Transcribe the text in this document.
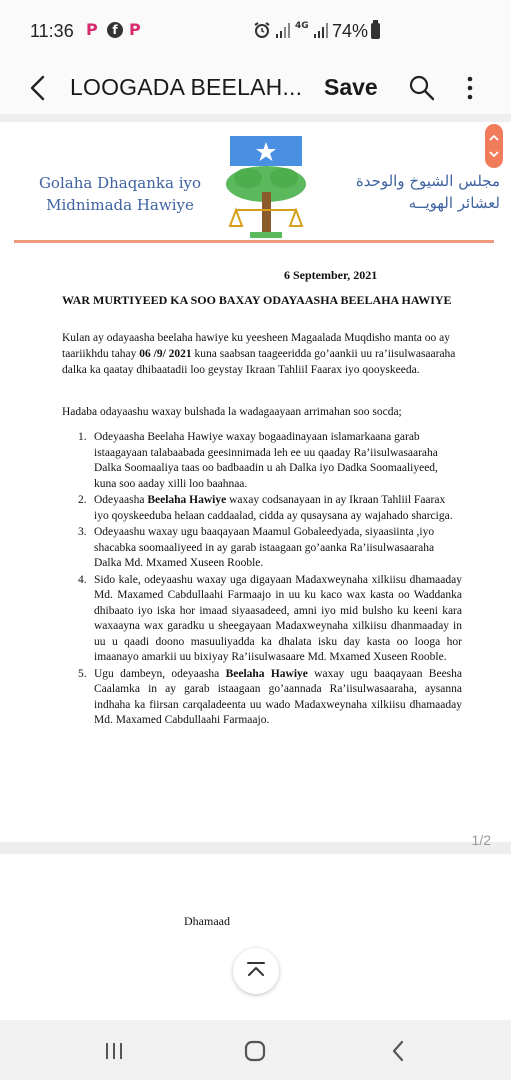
11:36 P	f P	4G 74%
LOOGADA BEELAH... Save
Golaha Dhaqanka iyo
Midnimada Hawiye
مجلس الشيوخ والوحدة
لعشائر الهويــه
6 September, 2021
WAR MURTIYEED KA SOO BAXAY ODAYAASHA BEELAHA HAWIYE
Kulan ay odayaasha beelaha hawiye ku yeesheen Magaalada Muqdisho manta oo ay taariikhdu tahay 06 /9/ 2021 kuna saabsan taageeridda go’aankii uu ra’iisulwasaaraha dalka ka qaatay dhibaatadii loo geystay Ikraan Tahliil Faarax iyo qooyskeeda.
Hadaba odayaashu waxay bulshada la wadagaayaan arrimahan soo socda;
1. Odeyaasha Beelaha Hawiye waxay bogaadinayaan islamarkaana garab istaagayaan talabaabada geesinnimada leh ee uu qaaday Ra’iisulwasaaraha Dalka Soomaaliya taas oo badbaadin u ah Dalka iyo Dadka Soomaaliyeed, kuna soo aaday xilli loo baahnaa.
2. Odeyaasha Beelaha Hawiye waxay codsanayaan in ay Ikraan Tahliil Faarax iyo qoyskeeduba helaan caddaalad, cidda ay qusaysana ay wajahado sharciga.
3. Odeyaashu waxay ugu baaqayaan Maamul Gobaleedyada, siyaasiinta ,iyo shacabka soomaaliyeed in ay garab istaagaan go’aanka Ra’iisulwasaaraha Dalka Md. Mxamed Xuseen Rooble.
4. Sido kale, odeyaashu waxay uga digayaan Madaxweynaha xilkiisu dhamaaday Md. Maxamed Cabdullaahi Farmaajo in uu ku kaco wax kasta oo Waddanka dhibaato iyo iska hor imaad siyaasadeed, amni iyo mid bulsho ku keeni kara waxaayna wax garadku u sheegayaan Madaxweynaha xilkiisu dhanmaaday in uu u qaadi doono masuuliyadda ka dhalata isku day kasta oo looga hor imaanayo amarkii uu bixiyay Ra’iisulwasaare Md. Mxamed Xuseen Rooble.
5. Ugu dambeyn, odeyaasha Beelaha Hawiye waxay ugu baaqayaan Beesha Caalamka in ay garab istaagaan go’aannada Ra’iisulwasaaraha, aysanna indhaha ka fiirsan carqaladeenta uu wado Madaxweynaha xilkiisu dhamaaday Md. Maxamed Cabdullaahi Farmaajo.
1/2
Dhamaad
